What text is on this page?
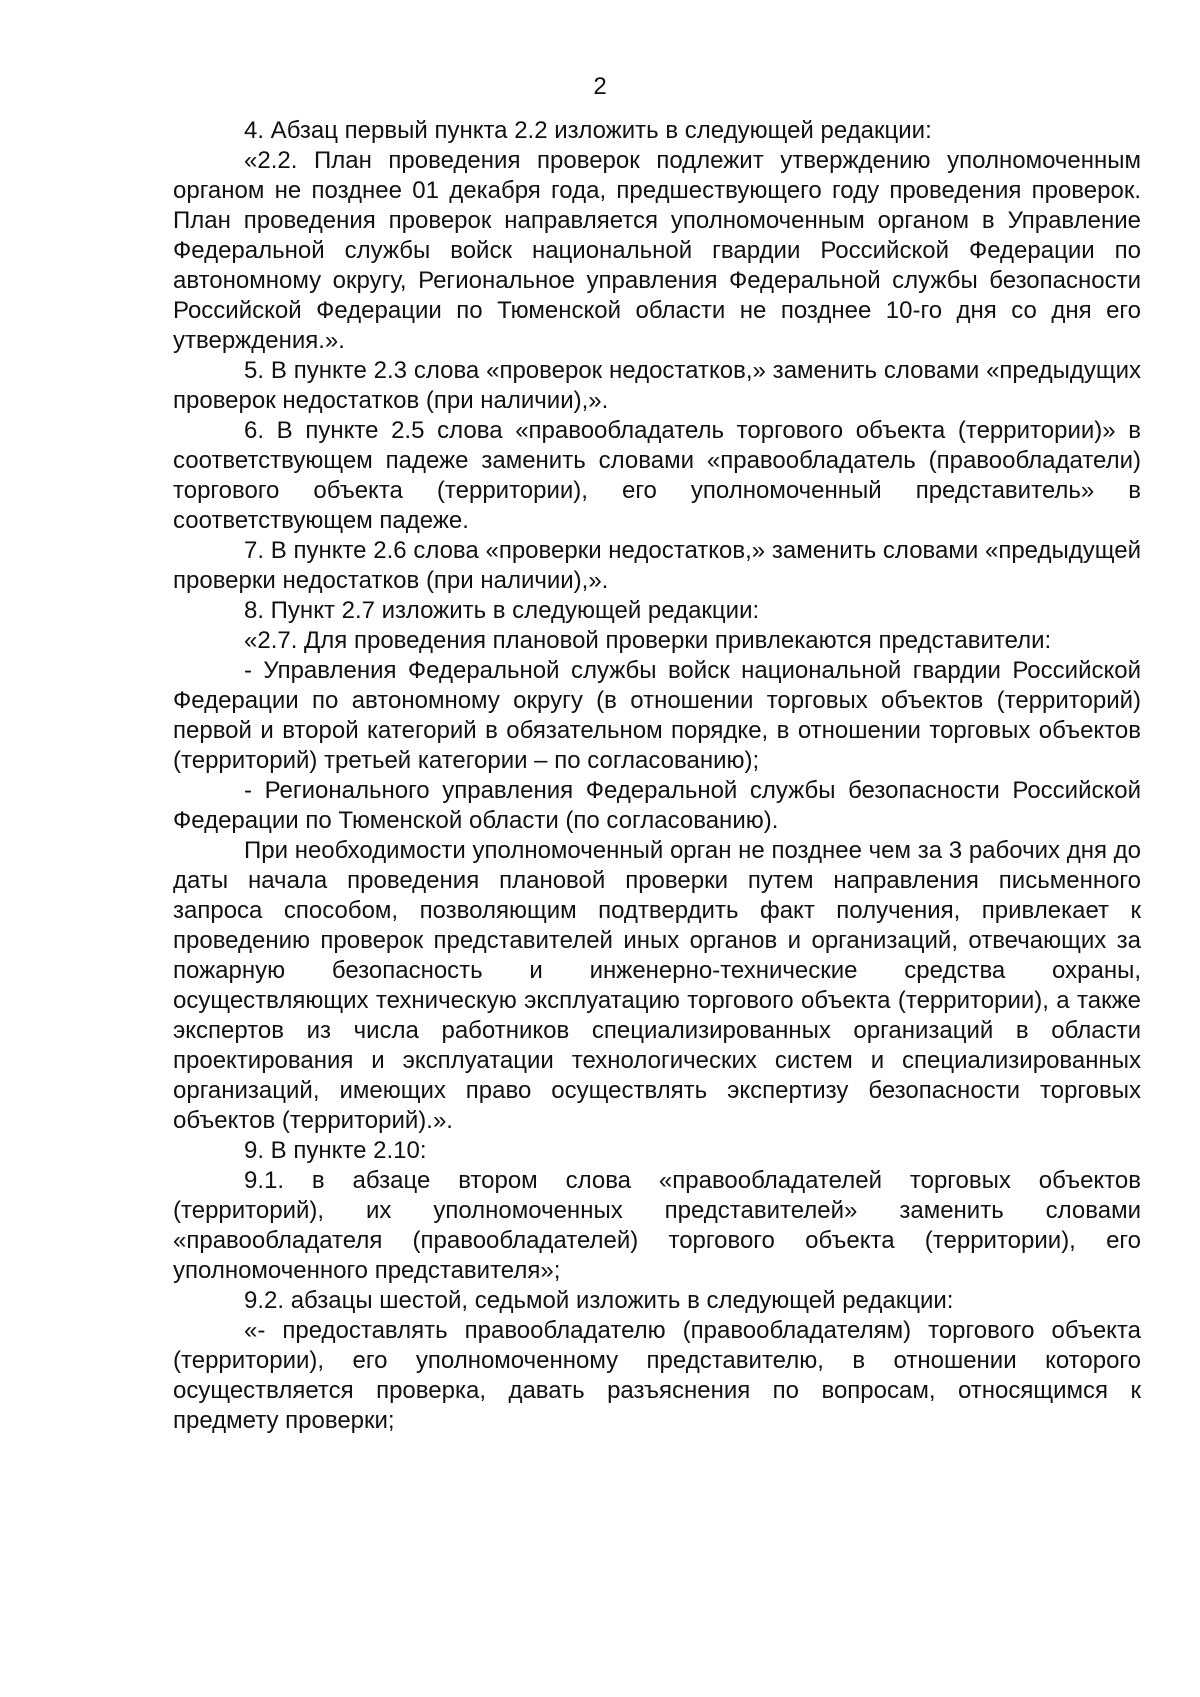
2

4. Абзац первый пункта 2.2 изложить в следующей редакции:

«2.2. План проведения проверок подлежит утверждению уполномоченным органом не позднее 01 декабря года, предшествующего году проведения проверок. План проведения проверок направляется уполномоченным органом в Управление Федеральной службы войск национальной гвардии Российской Федерации по автономному округу, Региональное управления Федеральной службы безопасности Российской Федерации по Тюменской области не позднее 10-го дня со дня его утверждения.».

5. В пункте 2.3 слова «проверок недостатков,» заменить словами «предыдущих проверок недостатков (при наличии),».

6. В пункте 2.5 слова «правообладатель торгового объекта (территории)» в соответствующем падеже заменить словами «правообладатель (правообладатели) торгового объекта (территории), его уполномоченный представитель» в соответствующем падеже.

7. В пункте 2.6 слова «проверки недостатков,» заменить словами «предыдущей проверки недостатков (при наличии),».

8. Пункт 2.7 изложить в следующей редакции:

«2.7. Для проведения плановой проверки привлекаются представители:

- Управления Федеральной службы войск национальной гвардии Российской Федерации по автономному округу (в отношении торговых объектов (территорий) первой и второй категорий в обязательном порядке, в отношении торговых объектов (территорий) третьей категории – по согласованию);

- Регионального управления Федеральной службы безопасности Российской Федерации по Тюменской области (по согласованию).

При необходимости уполномоченный орган не позднее чем за 3 рабочих дня до даты начала проведения плановой проверки путем направления письменного запроса способом, позволяющим подтвердить факт получения, привлекает к проведению проверок представителей иных органов и организаций, отвечающих за пожарную безопасность и инженерно-технические средства охраны, осуществляющих техническую эксплуатацию торгового объекта (территории), а также экспертов из числа работников специализированных организаций в области проектирования и эксплуатации технологических систем и специализированных организаций, имеющих право осуществлять экспертизу безопасности торговых объектов (территорий).».

9. В пункте 2.10:

9.1. в абзаце втором слова «правообладателей торговых объектов (территорий), их уполномоченных представителей» заменить словами «правообладателя (правообладателей) торгового объекта (территории), его уполномоченного представителя»;

9.2. абзацы шестой, седьмой изложить в следующей редакции:

«- предоставлять правообладателю (правообладателям) торгового объекта (территории), его уполномоченному представителю, в отношении которого осуществляется проверка, давать разъяснения по вопросам, относящимся к предмету проверки;
